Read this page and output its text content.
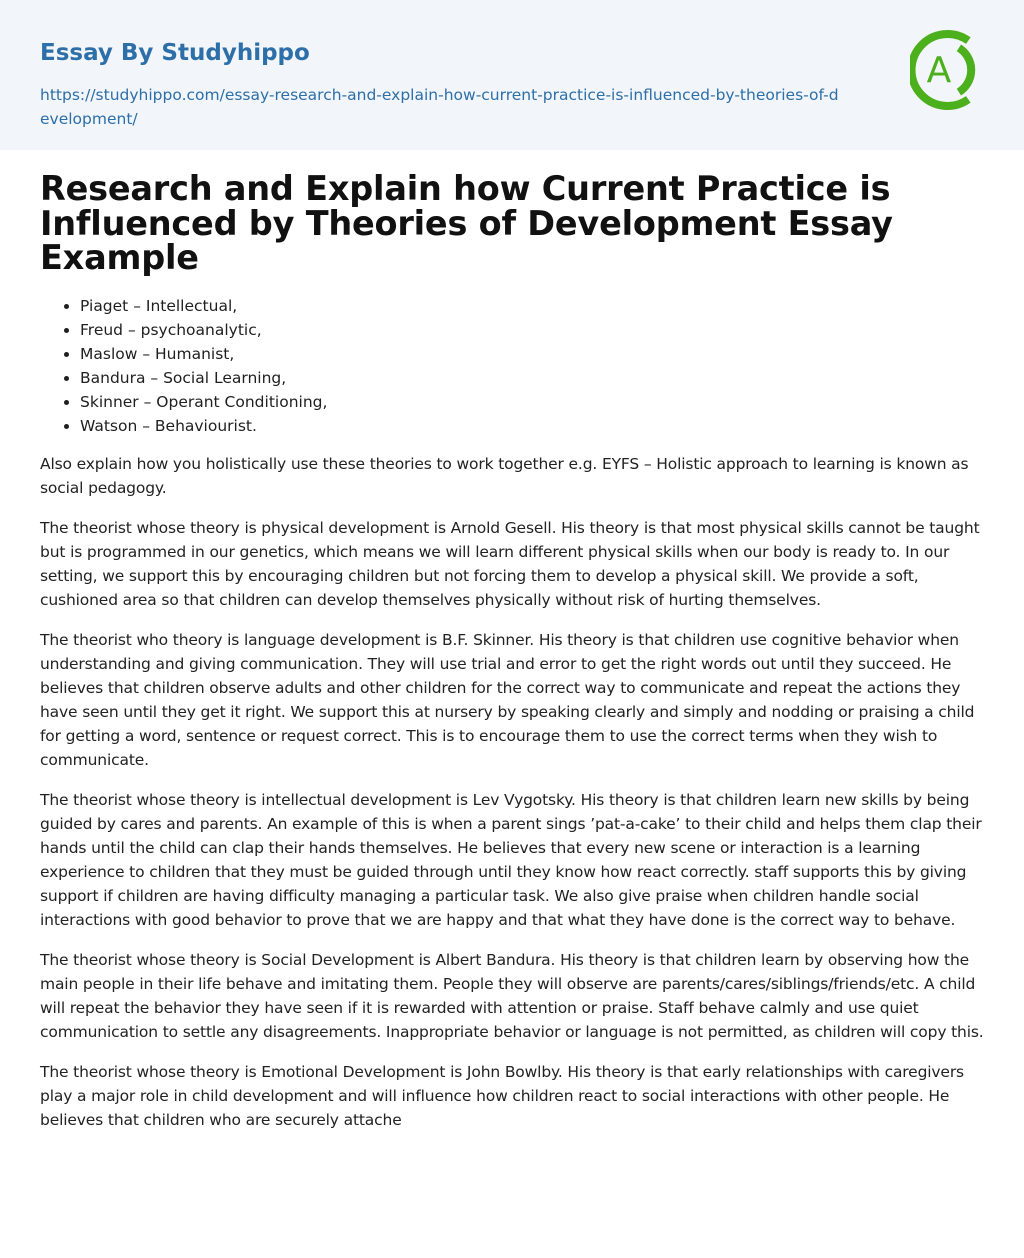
Essay By Studyhippo
https://studyhippo.com/essay-research-and-explain-how-current-practice-is-influenced-by-theories-of-development/
A
Research and Explain how Current Practice is Influenced by Theories of Development Essay Example
• Piaget – Intellectual,
• Freud – psychoanalytic,
• Maslow – Humanist,
• Bandura – Social Learning,
• Skinner – Operant Conditioning,
• Watson – Behaviourist.

Also explain how you holistically use these theories to work together e.g. EYFS – Holistic approach to learning is known as social pedagogy.

The theorist whose theory is physical development is Arnold Gesell. His theory is that most physical skills cannot be taught but is programmed in our genetics, which means we will learn different physical skills when our body is ready to. In our setting, we support this by encouraging children but not forcing them to develop a physical skill. We provide a soft, cushioned area so that children can develop themselves physically without risk of hurting themselves.

The theorist who theory is language development is B.F. Skinner. His theory is that children use cognitive behavior when understanding and giving communication. They will use trial and error to get the right words out until they succeed. He believes that children observe adults and other children for the correct way to communicate and repeat the actions they have seen until they get it right. We support this at nursery by speaking clearly and simply and nodding or praising a child for getting a word, sentence or request correct. This is to encourage them to use the correct terms when they wish to communicate.

The theorist whose theory is intellectual development is Lev Vygotsky. His theory is that children learn new skills by being guided by cares and parents. An example of this is when a parent sings ’pat-a-cake’ to their child and helps them clap their hands until the child can clap their hands themselves. He believes that every new scene or interaction is a learning experience to children that they must be guided through until they know how react correctly. staff supports this by giving support if children are having difficulty managing a particular task. We also give praise when children handle social interactions with good behavior to prove that we are happy and that what they have done is the correct way to behave.

The theorist whose theory is Social Development is Albert Bandura. His theory is that children learn by observing how the main people in their life behave and imitating them. People they will observe are parents/cares/siblings/friends/etc. A child will repeat the behavior they have seen if it is rewarded with attention or praise. Staff behave calmly and use quiet communication to settle any disagreements. Inappropriate behavior or language is not permitted, as children will copy this.

The theorist whose theory is Emotional Development is John Bowlby. His theory is that early relationships with caregivers play a major role in child development and will influence how children react to social interactions with other people. He believes that children who are securely attache
